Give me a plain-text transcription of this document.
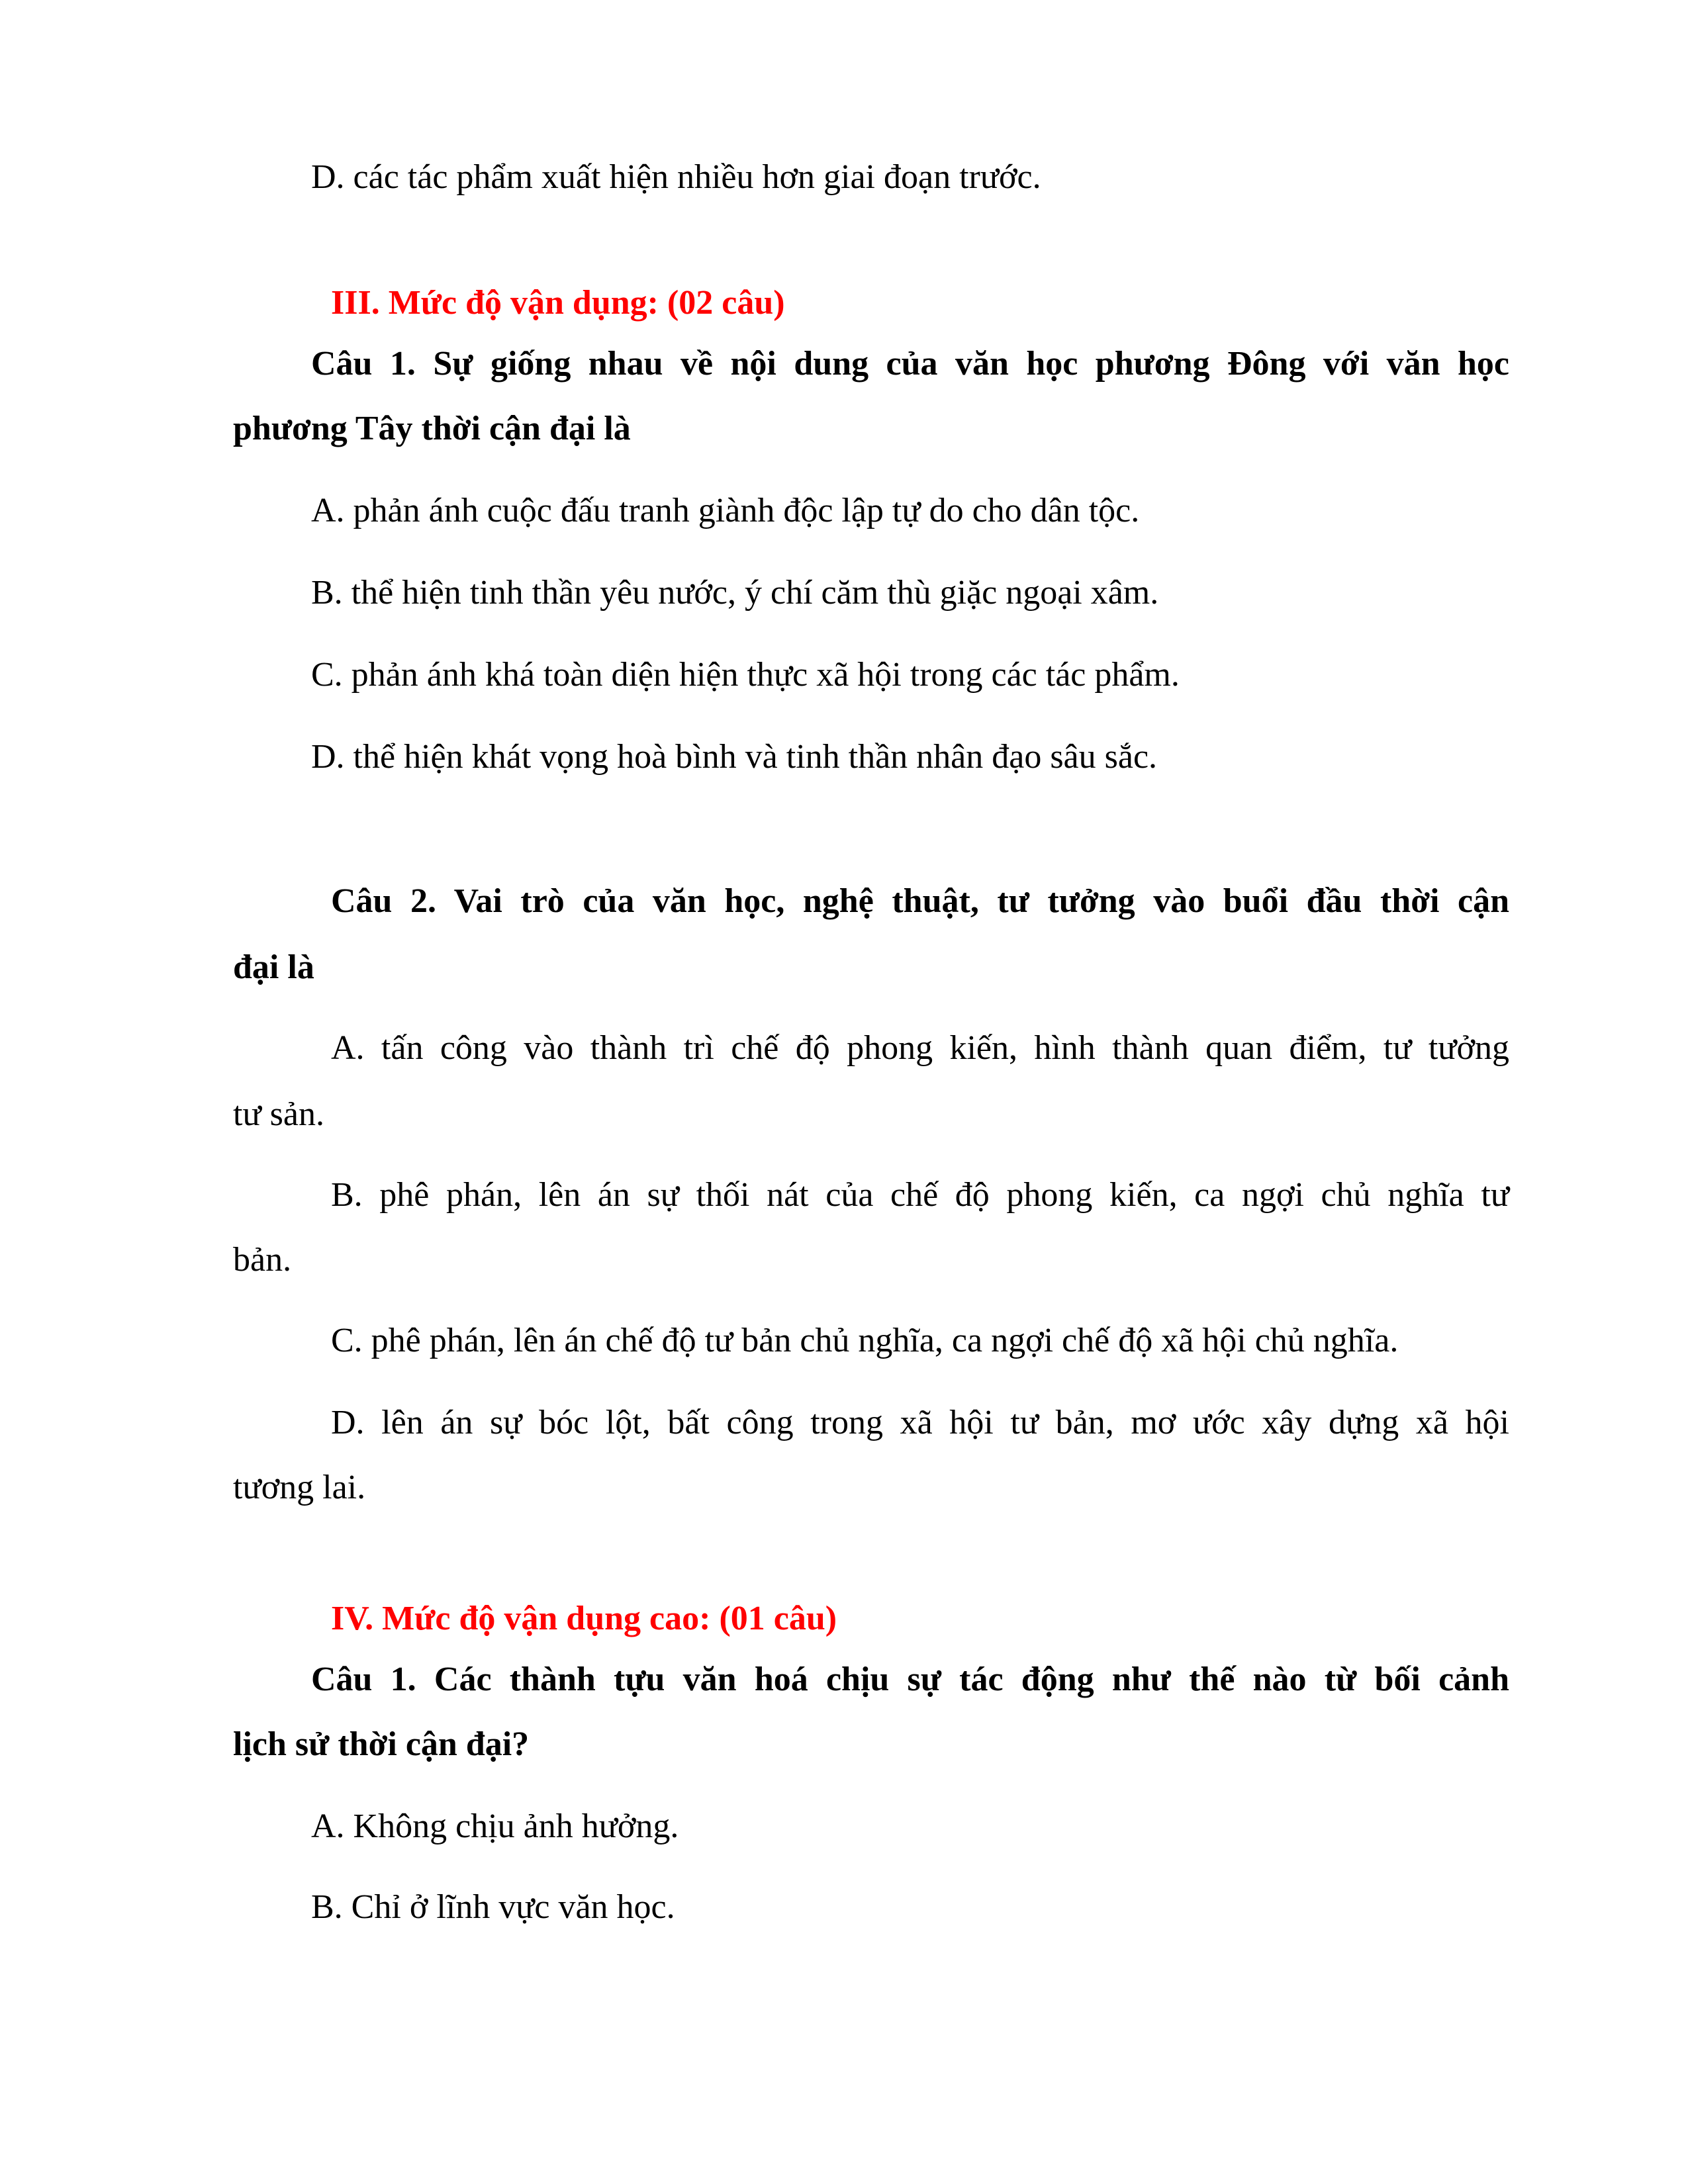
D. các tác phẩm xuất hiện nhiều hơn giai đoạn trước.
III. Mức độ vận dụng: (02 câu)
Câu 1. Sự giống nhau về nội dung của văn học phương Đông với văn học
phương Tây thời cận đại là
A. phản ánh cuộc đấu tranh giành độc lập tự do cho dân tộc.
B. thể hiện tinh thần yêu nước, ý chí căm thù giặc ngoại xâm.
C. phản ánh khá toàn diện hiện thực xã hội trong các tác phẩm.
D. thể hiện khát vọng hoà bình và tinh thần nhân đạo sâu sắc.
Câu 2. Vai trò của văn học, nghệ thuật, tư tưởng vào buổi đầu thời cận
đại là
A. tấn công vào thành trì chế độ phong kiến, hình thành quan điểm, tư tưởng
tư sản.
B. phê phán, lên án sự thối nát của chế độ phong kiến, ca ngợi chủ nghĩa tư
bản.
C. phê phán, lên án chế độ tư bản chủ nghĩa, ca ngợi chế độ xã hội chủ nghĩa.
D. lên án sự bóc lột, bất công trong xã hội tư bản, mơ ước xây dựng xã hội
tương lai.
IV. Mức độ vận dụng cao: (01 câu)
Câu 1. Các thành tựu văn hoá chịu sự tác động như thế nào từ bối cảnh
lịch sử thời cận đại?
A. Không chịu ảnh hưởng.
B. Chỉ ở lĩnh vực văn học.
